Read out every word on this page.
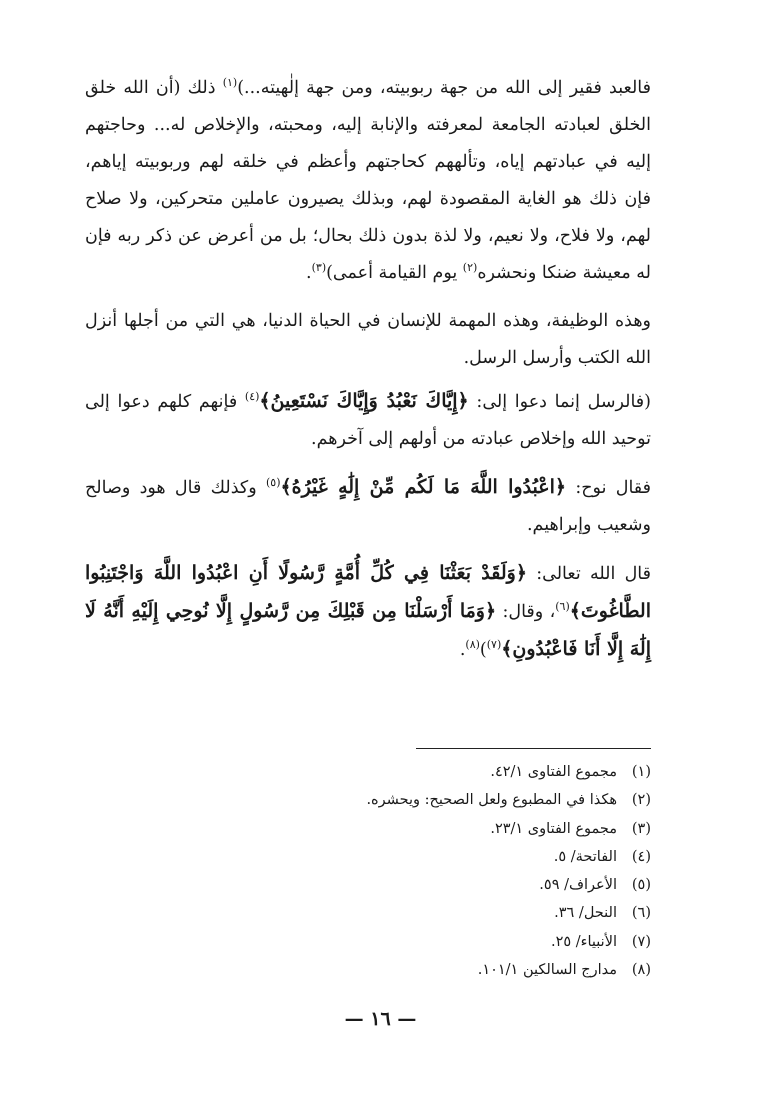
فالعبد فقير إلى الله من جهة ربوبيته، ومن جهة إلٰهيته...)$^{(١)}$ ذلك (أن الله خلق الخلق لعبادته الجامعة لمعرفته والإنابة إليه، ومحبته، والإخلاص له... وحاجتهم إليه في عبادتهم إياه، وتألههم كحاجتهم وأعظم في خلقه لهم وربوبيته إياهم، فإن ذلك هو الغاية المقصودة لهم، وبذلك يصيرون عاملين متحركين، ولا صلاح لهم، ولا فلاح، ولا نعيم، ولا لذة بدون ذلك بحال؛ بل من أعرض عن ذكر ربه فإن له معيشة ضنكا ونحشره$^{(٢)}$ يوم القيامة أعمى)$^{(٣)}$.

وهذه الوظيفة، وهذه المهمة للإنسان في الحياة الدنيا، هي التي من أجلها أنزل الله الكتب وأرسل الرسل.

(فالرسل إنما دعوا إلى: ﴿إِيَّاكَ نَعْبُدُ وَإِيَّاكَ نَسْتَعِينُ﴾$^{(٤)}$ فإنهم كلهم دعوا إلى توحيد الله وإخلاص عبادته من أولهم إلى آخرهم.

فقال نوح: ﴿اعْبُدُوا اللَّهَ مَا لَكُم مِّنْ إِلَٰهٍ غَيْرُهُ﴾$^{(٥)}$ وكذلك قال هود وصالح وشعيب وإبراهيم.

قال الله تعالى: ﴿وَلَقَدْ بَعَثْنَا فِي كُلِّ أُمَّةٍ رَّسُولًا أَنِ اعْبُدُوا اللَّهَ وَاجْتَنِبُوا الطَّاغُوتَ﴾$^{(٦)}$، وقال: ﴿وَمَا أَرْسَلْنَا مِن قَبْلِكَ مِن رَّسُولٍ إِلَّا نُوحِي إِلَيْهِ أَنَّهُ لَا إِلَٰهَ إِلَّا أَنَا فَاعْبُدُونِ﴾$^{(٧)}$)$^{(٨)}$.

(١)
مجموع الفتاوى ٤٢/١.
(٢)
هكذا في المطبوع ولعل الصحيح: ويحشره.
(٣)
مجموع الفتاوى ٢٣/١.
(٤)
الفاتحة/ ٥.
(٥)
الأعراف/ ٥٩.
(٦)
النحل/ ٣٦.
(٧)
الأنبياء/ ٢٥.
(٨)
مدارج السالكين ١٠١/١.
— ١٦ —
